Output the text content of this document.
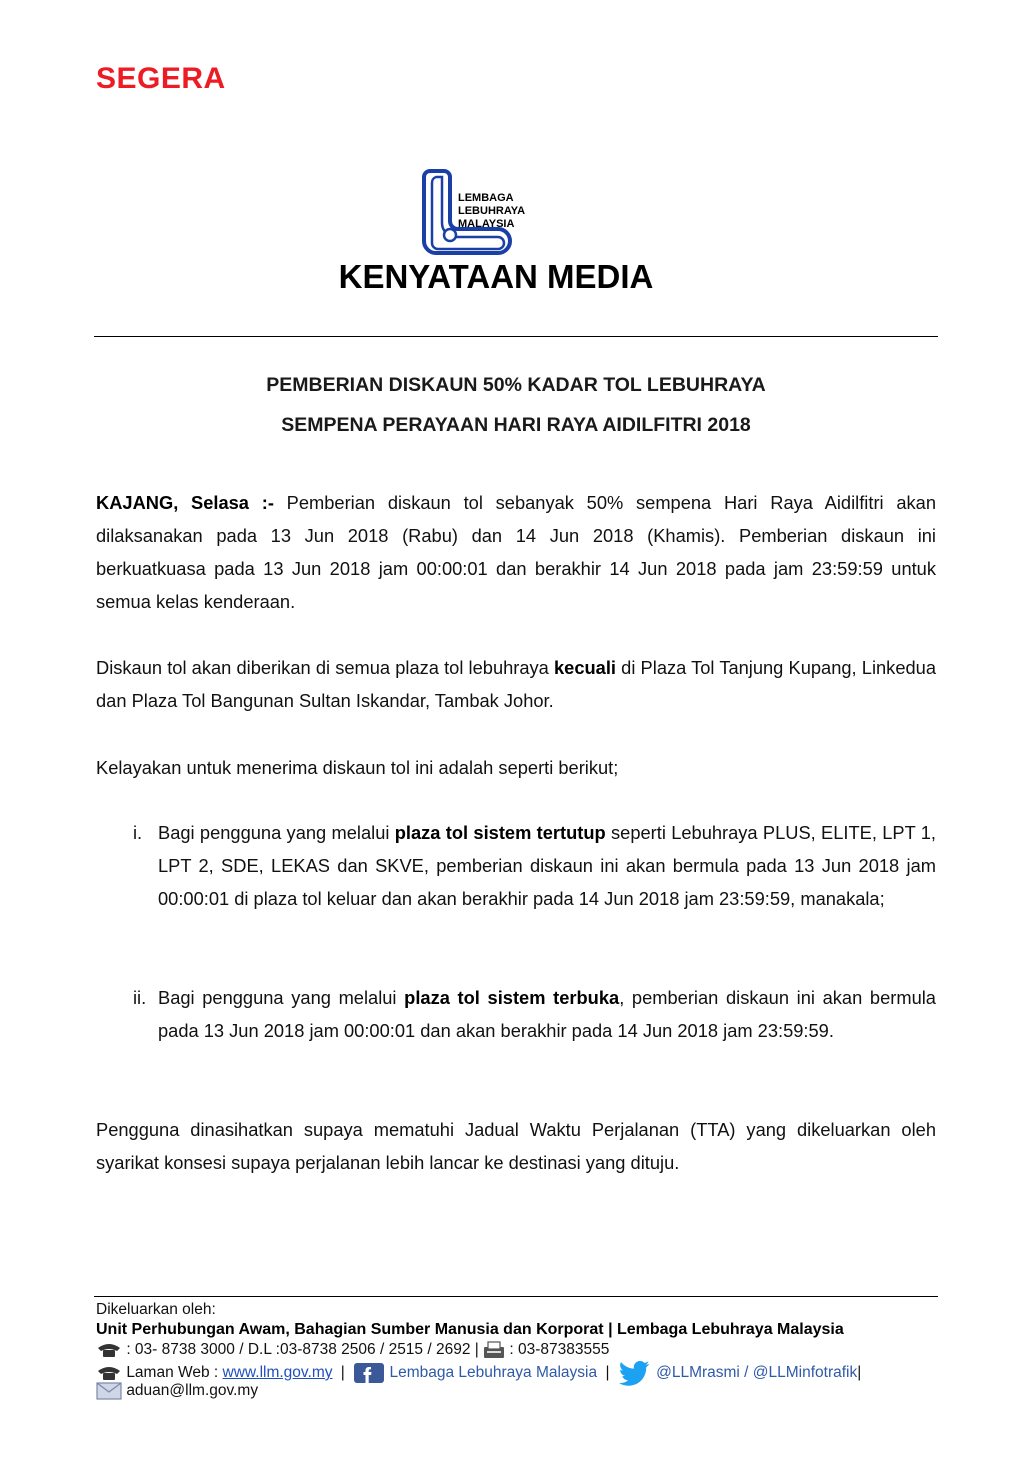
SEGERA
LEMBAGA
LEBUHRAYA
MALAYSIA
KENYATAAN MEDIA
PEMBERIAN DISKAUN 50% KADAR TOL LEBUHRAYA
SEMPENA PERAYAAN HARI RAYA AIDILFITRI 2018
KAJANG, Selasa :- Pemberian diskaun tol sebanyak 50% sempena Hari Raya Aidilfitri akan dilaksanakan pada 13 Jun 2018 (Rabu) dan 14 Jun 2018 (Khamis). Pemberian diskaun ini berkuatkuasa pada 13 Jun 2018 jam 00:00:01 dan berakhir 14 Jun 2018 pada jam 23:59:59 untuk semua kelas kenderaan.
Diskaun tol akan diberikan di semua plaza tol lebuhraya kecuali di Plaza Tol Tanjung Kupang, Linkedua dan Plaza Tol Bangunan Sultan Iskandar, Tambak Johor.
Kelayakan untuk menerima diskaun tol ini adalah seperti berikut;
i. Bagi pengguna yang melalui plaza tol sistem tertutup seperti Lebuhraya PLUS, ELITE, LPT 1, LPT 2, SDE, LEKAS dan SKVE, pemberian diskaun ini akan bermula pada 13 Jun 2018 jam 00:00:01 di plaza tol keluar dan akan berakhir pada 14 Jun 2018 jam 23:59:59, manakala;
ii. Bagi pengguna yang melalui plaza tol sistem terbuka, pemberian diskaun ini akan bermula pada 13 Jun 2018 jam 00:00:01 dan akan berakhir pada 14 Jun 2018 jam 23:59:59.
Pengguna dinasihatkan supaya mematuhi Jadual Waktu Perjalanan (TTA) yang dikeluarkan oleh syarikat konsesi supaya perjalanan lebih lancar ke destinasi yang dituju.
Dikeluarkan oleh:
Unit Perhubungan Awam, Bahagian Sumber Manusia dan Korporat | Lembaga Lebuhraya Malaysia
: 03- 8738 3000 / D.L :03-8738 2506 / 2515 / 2692 | : 03-87383555
Laman Web : www.llm.gov.my |	Lembaga Lebuhraya Malaysia |	@LLMrasmi / @LLMinfotrafik|
aduan@llm.gov.my
